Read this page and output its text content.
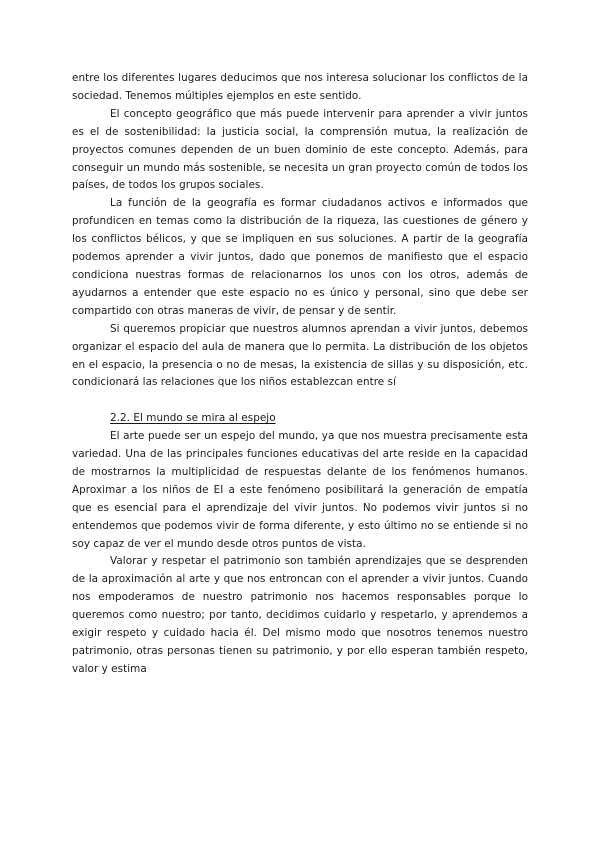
entre los diferentes lugares deducimos que nos interesa solucionar los conflictos de la sociedad. Tenemos múltiples ejemplos en este sentido.

El concepto geográfico que más puede intervenir para aprender a vivir juntos es el de sostenibilidad: la justicia social, la comprensión mutua, la realización de proyectos comunes dependen de un buen dominio de este concepto. Además, para conseguir un mundo más sostenible, se necesita un gran proyecto común de todos los países, de todos los grupos sociales.

La función de la geografía es formar ciudadanos activos e informados que profundicen en temas como la distribución de la riqueza, las cuestiones de género y los conflictos bélicos, y que se impliquen en sus soluciones. A partir de la geografía podemos aprender a vivir juntos, dado que ponemos de manifiesto que el espacio condiciona nuestras formas de relacionarnos los unos con los otros, además de ayudarnos a entender que este espacio no es único y personal, sino que debe ser compartido con otras maneras de vivir, de pensar y de sentir.

Si queremos propiciar que nuestros alumnos aprendan a vivir juntos, debemos organizar el espacio del aula de manera que lo permita. La distribución de los objetos en el espacio, la presencia o no de mesas, la existencia de sillas y su disposición, etc. condicionará las relaciones que los niños establezcan entre sí

2.2. El mundo se mira al espejo

El arte puede ser un espejo del mundo, ya que nos muestra precisamente esta variedad. Una de las principales funciones educativas del arte reside en la capacidad de mostrarnos la multiplicidad de respuestas delante de los fenómenos humanos. Aproximar a los niños de EI a este fenómeno posibilitará la generación de empatía que es esencial para el aprendizaje del vivir juntos. No podemos vivir juntos si no entendemos que podemos vivir de forma diferente, y esto último no se entiende si no soy capaz de ver el mundo desde otros puntos de vista.

Valorar y respetar el patrimonio son también aprendizajes que se desprenden de la aproximación al arte y que nos entroncan con el aprender a vivir juntos. Cuando nos empoderamos de nuestro patrimonio nos hacemos responsables porque lo queremos como nuestro; por tanto, decidimos cuidarlo y respetarlo, y aprendemos a exigir respeto y cuidado hacia él. Del mismo modo que nosotros tenemos nuestro patrimonio, otras personas tienen su patrimonio, y por ello esperan también respeto, valor y estima
